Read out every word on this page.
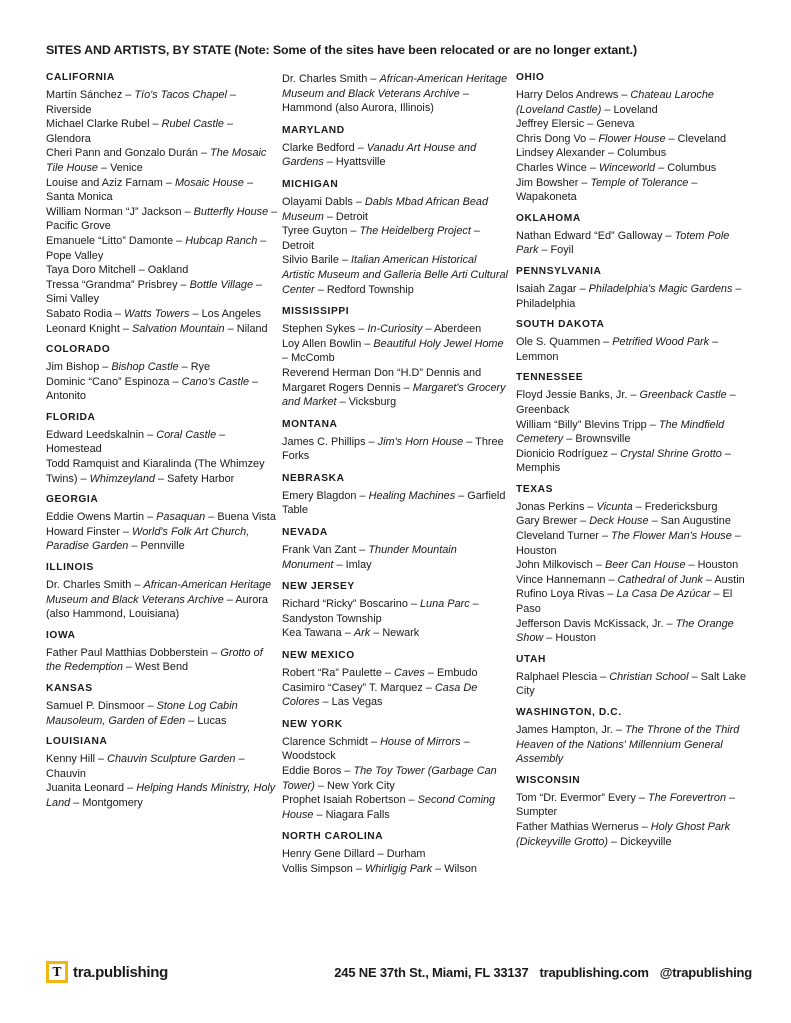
SITES AND ARTISTS, BY STATE (Note: Some of the sites have been relocated or are no longer extant.)
CALIFORNIA
Martín Sánchez – Tío's Tacos Chapel – Riverside
Michael Clarke Rubel – Rubel Castle – Glendora
Cheri Pann and Gonzalo Durán – The Mosaic Tile House – Venice
Louise and Aziz Farnam – Mosaic House – Santa Monica
William Norman “J” Jackson – Butterfly House – Pacific Grove
Emanuele “Litto” Damonte – Hubcap Ranch – Pope Valley
Taya Doro Mitchell – Oakland
Tressa “Grandma” Prisbrey – Bottle Village – Simi Valley
Sabato Rodia – Watts Towers – Los Angeles
Leonard Knight – Salvation Mountain – Niland
COLORADO
Jim Bishop – Bishop Castle – Rye
Dominic “Cano” Espinoza – Cano's Castle – Antonito
FLORIDA
Edward Leedskalnin – Coral Castle – Homestead
Todd Ramquist and Kiaralinda (The Whimzey Twins) – Whimzeyland – Safety Harbor
GEORGIA
Eddie Owens Martin – Pasaquan – Buena Vista
Howard Finster – World's Folk Art Church, Paradise Garden – Pennville
ILLINOIS
Dr. Charles Smith – African-American Heritage Museum and Black Veterans Archive – Aurora (also Hammond, Louisiana)
IOWA
Father Paul Matthias Dobberstein – Grotto of the Redemption – West Bend
KANSAS
Samuel P. Dinsmoor – Stone Log Cabin Mausoleum, Garden of Eden – Lucas
LOUISIANA
Kenny Hill – Chauvin Sculpture Garden – Chauvin
Juanita Leonard – Helping Hands Ministry, Holy Land – Montgomery
Dr. Charles Smith – African-American Heritage Museum and Black Veterans Archive – Hammond (also Aurora, Illinois)
MARYLAND
Clarke Bedford – Vanadu Art House and Gardens – Hyattsville
MICHIGAN
Olayami Dabls – Dabls Mbad African Bead Museum – Detroit
Tyree Guyton – The Heidelberg Project – Detroit
Silvio Barile – Italian American Historical Artistic Museum and Galleria Belle Arti Cultural Center – Redford Township
MISSISSIPPI
Stephen Sykes – In-Curiosity – Aberdeen
Loy Allen Bowlin – Beautiful Holy Jewel Home – McComb
Reverend Herman Don “H.D” Dennis and Margaret Rogers Dennis – Margaret's Grocery and Market – Vicksburg
MONTANA
James C. Phillips – Jim's Horn House – Three Forks
NEBRASKA
Emery Blagdon – Healing Machines – Garfield Table
NEVADA
Frank Van Zant – Thunder Mountain Monument – Imlay
NEW JERSEY
Richard “Ricky” Boscarino – Luna Parc – Sandyston Township
Kea Tawana – Ark – Newark
NEW MEXICO
Robert “Ra” Paulette – Caves – Embudo
Casimiro “Casey” T. Marquez – Casa De Colores – Las Vegas
NEW YORK
Clarence Schmidt – House of Mirrors – Woodstock
Eddie Boros – The Toy Tower (Garbage Can Tower) – New York City
Prophet Isaiah Robertson – Second Coming House – Niagara Falls
NORTH CAROLINA
Henry Gene Dillard – Durham
Vollis Simpson – Whirligig Park – Wilson
OHIO
Harry Delos Andrews – Chateau Laroche (Loveland Castle) – Loveland
Jeffrey Elersic – Geneva
Chris Dong Vo – Flower House – Cleveland
Lindsey Alexander – Columbus
Charles Wince – Winceworld – Columbus
Jim Bowsher – Temple of Tolerance – Wapakoneta
OKLAHOMA
Nathan Edward “Ed” Galloway – Totem Pole Park – Foyil
PENNSYLVANIA
Isaiah Zagar – Philadelphia's Magic Gardens – Philadelphia
SOUTH DAKOTA
Ole S. Quammen – Petrified Wood Park – Lemmon
TENNESSEE
Floyd Jessie Banks, Jr. – Greenback Castle – Greenback
William “Billy” Blevins Tripp – The Mindfield Cemetery – Brownsville
Dionicio Rodríguez – Crystal Shrine Grotto – Memphis
TEXAS
Jonas Perkins – Vicunta – Fredericksburg
Gary Brewer – Deck House – San Augustine
Cleveland Turner – The Flower Man's House – Houston
John Milkovisch – Beer Can House – Houston
Vince Hannemann – Cathedral of Junk – Austin
Rufino Loya Rivas – La Casa De Azúcar – El Paso
Jefferson Davis McKissack, Jr. – The Orange Show – Houston
UTAH
Ralphael Plescia – Christian School – Salt Lake City
WASHINGTON, D.C.
James Hampton, Jr. – The Throne of the Third Heaven of the Nations' Millennium General Assembly
WISCONSIN
Tom “Dr. Evermor” Every – The Forevertron – Sumpter
Father Mathias Wernerus – Holy Ghost Park (Dickeyville Grotto) – Dickeyville
T tra.publishing	245 NE 37th St., Miami, FL 33137 trapublishing.com @trapublishing
